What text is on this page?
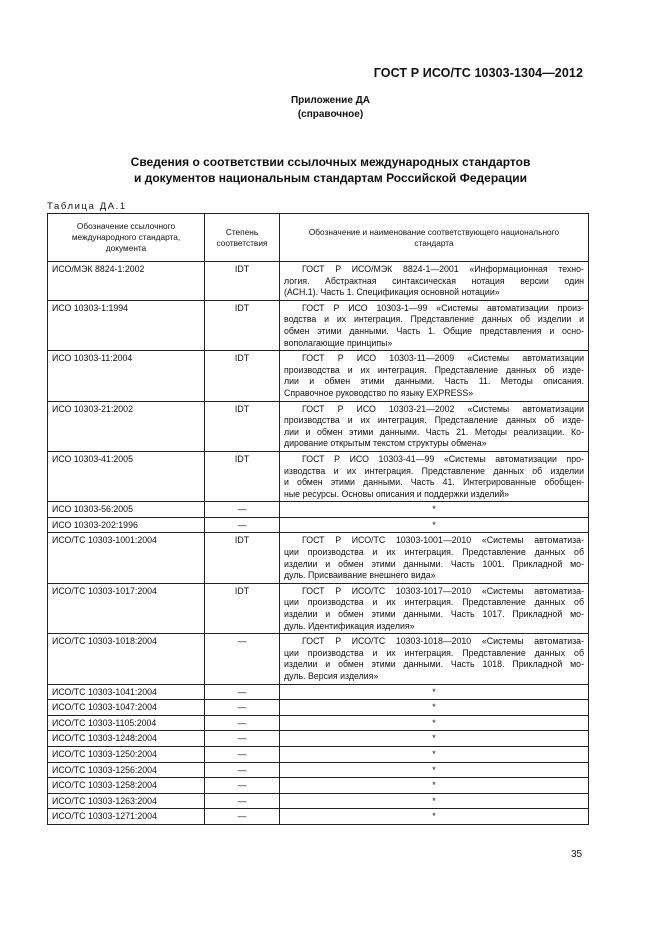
ГОСТ Р ИСО/ТС 10303-1304—2012
Приложение ДА
(справочное)
Сведения о соответствии ссылочных международных стандартов
и документов национальным стандартам Российской Федерации
Таблица ДА.1
Обозначение ссылочного
международного стандарта,
документа	Степень
соответствия	Обозначение и наименование соответствующего национального
стандарта
ИСО/МЭК 8824-1:2002	IDT	ГОСТ Р ИСО/МЭК 8824-1—2001 «Информационная техно-
логия. Абстрактная синтаксическая нотация версии один
(АСН.1). Часть 1. Спецификация основной нотации»

ИСО 10303-1:1994	IDT	ГОСТ Р ИСО 10303-1—99 «Системы автоматизации произ-
водства и их интеграция. Представление данных об изделии и
обмен этими данными. Часть 1. Общие представления и осно-
вополагающие принципы»

ИСО 10303-11:2004	IDT	ГОСТ Р ИСО 10303-11—2009 «Системы автоматизации
производства и их интеграция. Представление данных об изде-
лии и обмен этими данными. Часть 11. Методы описания.
Справочное руководство по языку EXPRESS»

ИСО 10303-21:2002	IDT	ГОСТ Р ИСО 10303-21—2002 «Системы автоматизации
производства и их интеграция. Представление данных об изде-
лии и обмен этими данными. Часть 21. Методы реализации. Ко-
дирование открытым текстом структуры обмена»

ИСО 10303-41:2005	IDT	ГОСТ Р ИСО 10303-41—99 «Системы автоматизации про-
изводства и их интеграция. Представление данных об изделии
и обмен этими данными. Часть 41. Интегрированные обобщен-
ные ресурсы. Основы описания и поддержки изделий»

ИСО 10303-56:2005	—	*
ИСО 10303-202:1996	—	*
ИСО/ТС 10303-1001:2004	IDT	ГОСТ Р ИСО/ТС 10303-1001—2010 «Системы автоматиза-
ции производства и их интеграция. Представление данных об
изделии и обмен этими данными. Часть 1001. Прикладной мо-
дуль. Присваивание внешнего вида»

ИСО/ТС 10303-1017:2004	IDT	ГОСТ Р ИСО/ТС 10303-1017—2010 «Системы автоматиза-
ции производства и их интеграция. Представление данных об
изделии и обмен этими данными. Часть 1017. Прикладной мо-
дуль. Идентификация изделия»

ИСО/ТС 10303-1018:2004	—	ГОСТ Р ИСО/ТС 10303-1018—2010 «Системы автоматиза-
ции производства и их интеграция. Представление данных об
изделии и обмен этими данными. Часть 1018. Прикладной мо-
дуль. Версия изделия»

ИСО/ТС 10303-1041:2004	—	*
ИСО/ТС 10303-1047:2004	—	*
ИСО/ТС 10303-1105:2004	—	*
ИСО/ТС 10303-1248:2004	—	*
ИСО/ТС 10303-1250:2004	—	*
ИСО/ТС 10303-1256:2004	—	*
ИСО/ТС 10303-1258:2004	—	*
ИСО/ТС 10303-1263:2004	—	*
ИСО/ТС 10303-1271:2004	—	*
35
